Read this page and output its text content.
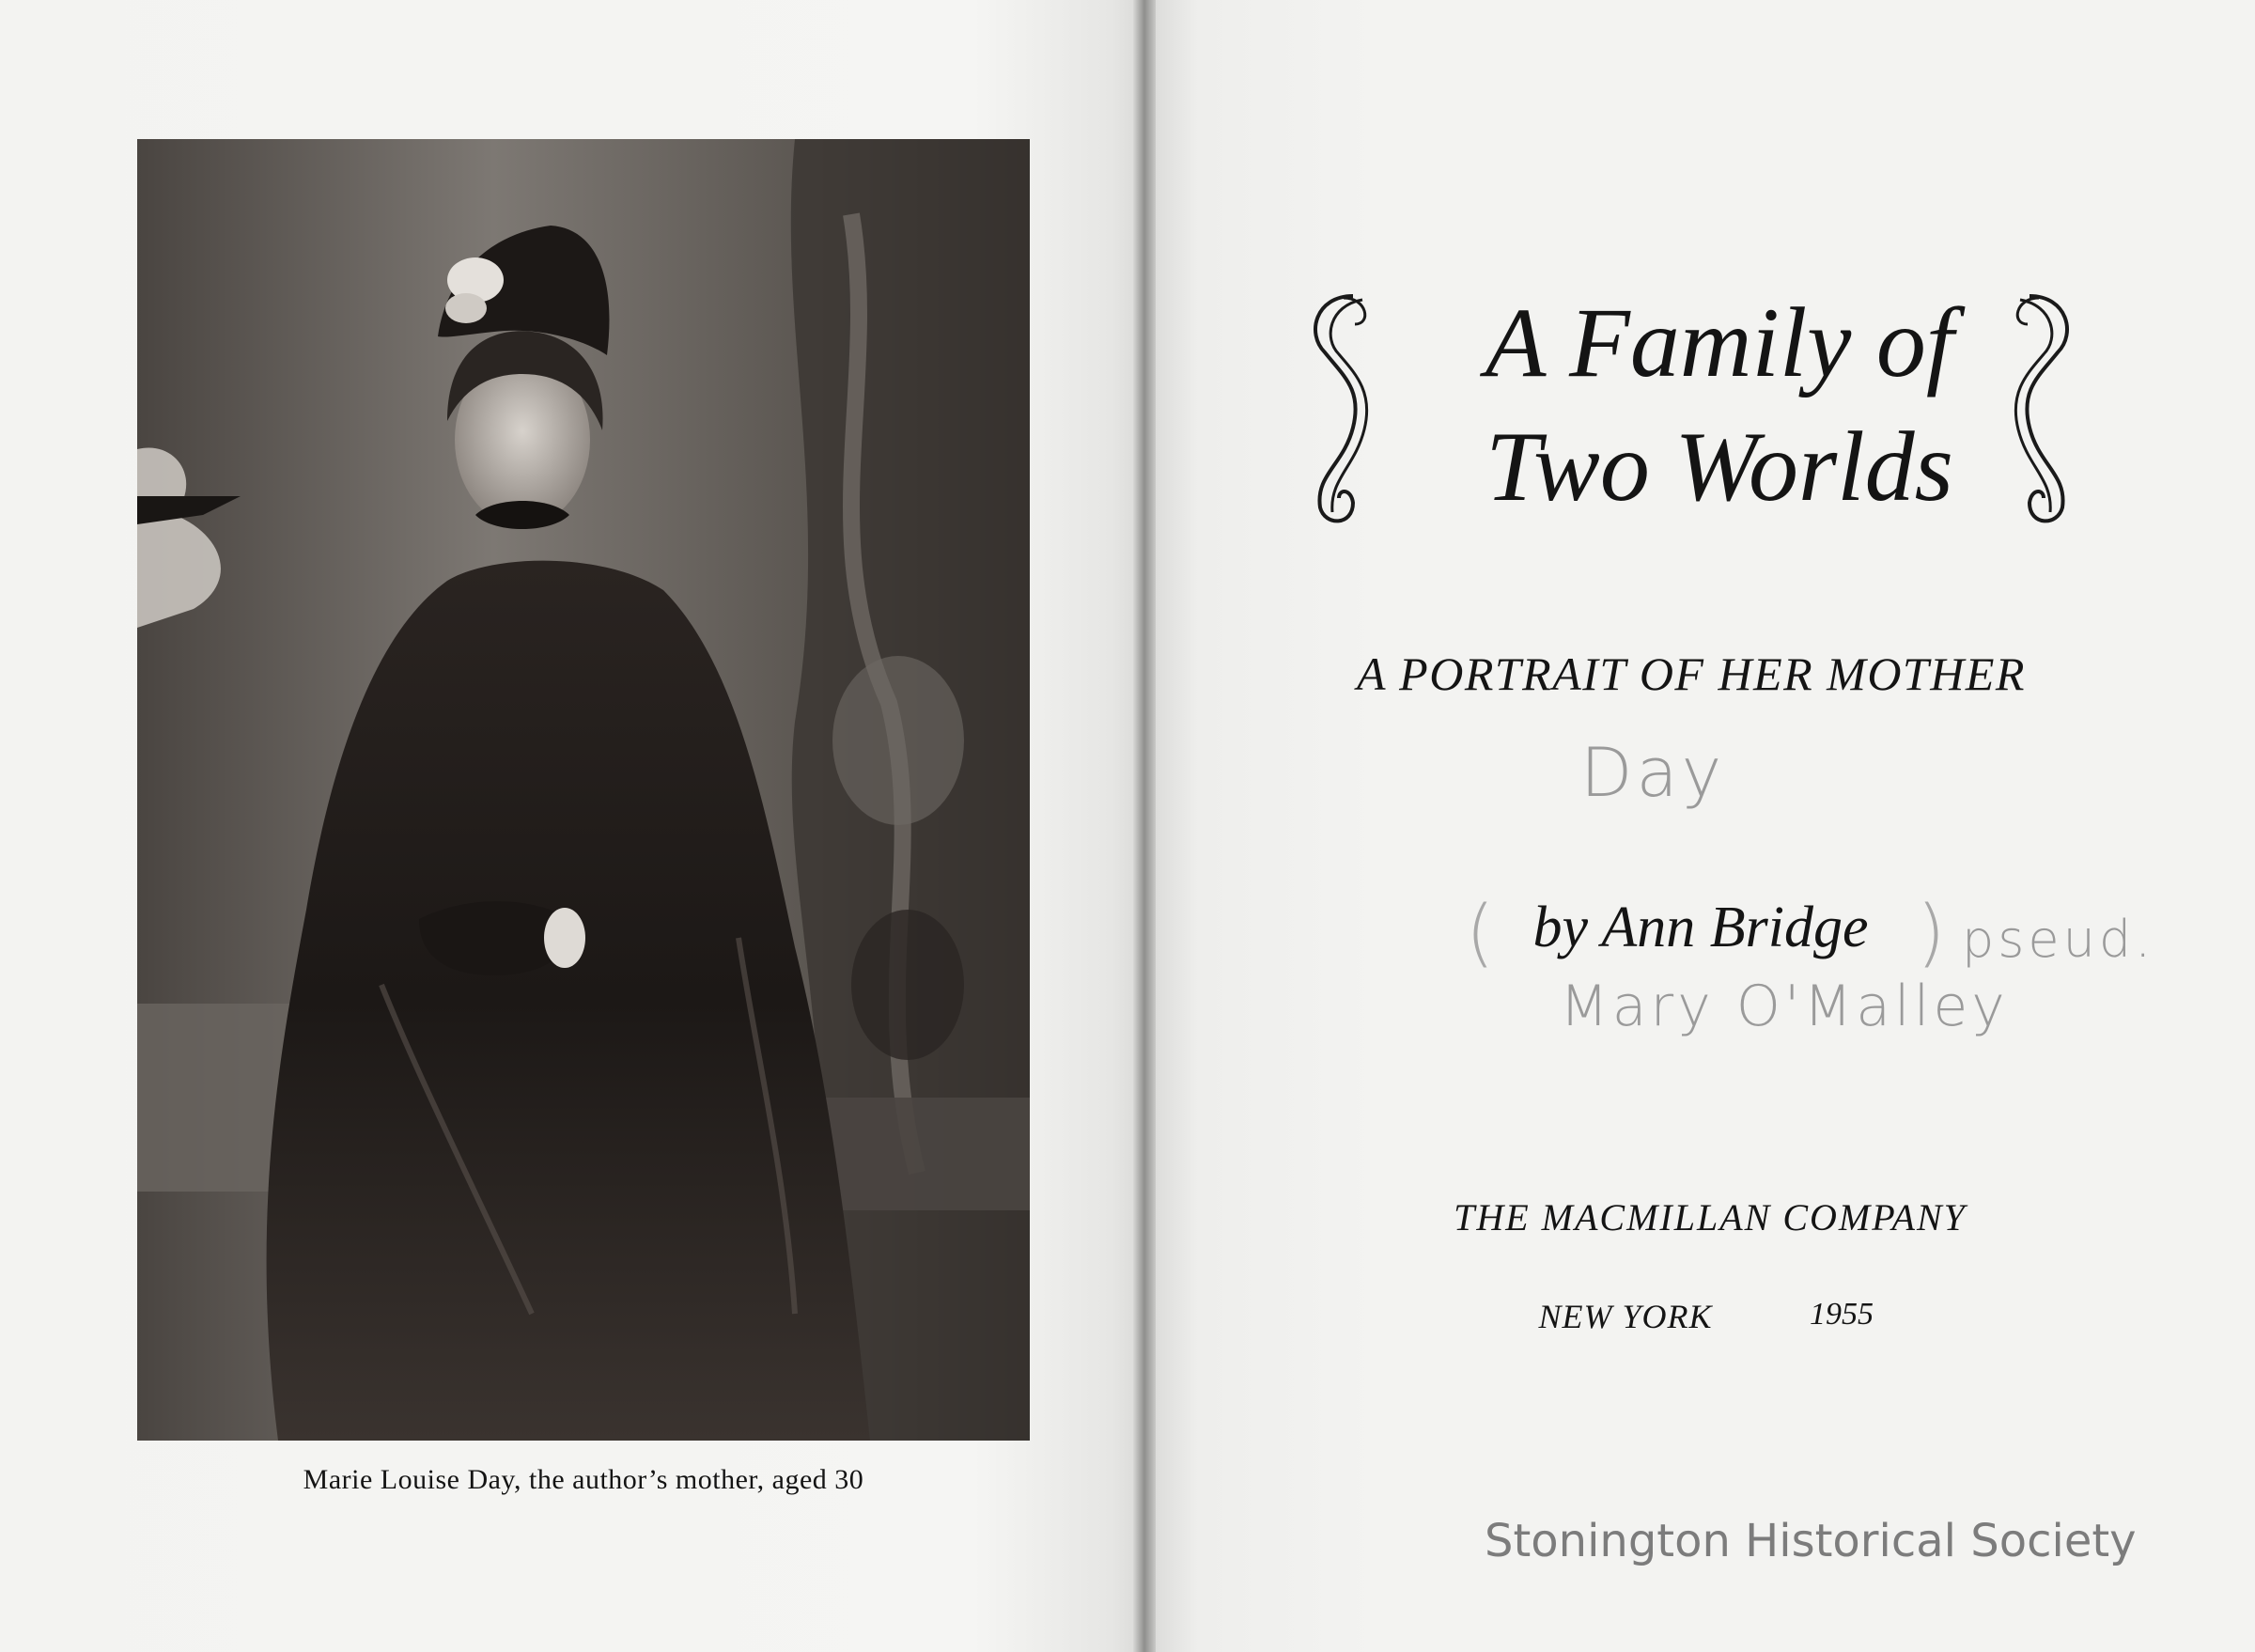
Marie Louise Day, the author’s mother, aged 30
A Family of
Two Worlds
A PORTRAIT OF HER MOTHER
Day
by Ann Bridge
(	) pseud.
Mary O'Malley
THE MACMILLAN COMPANY
NEW YORK	1955
Stonington Historical Society
